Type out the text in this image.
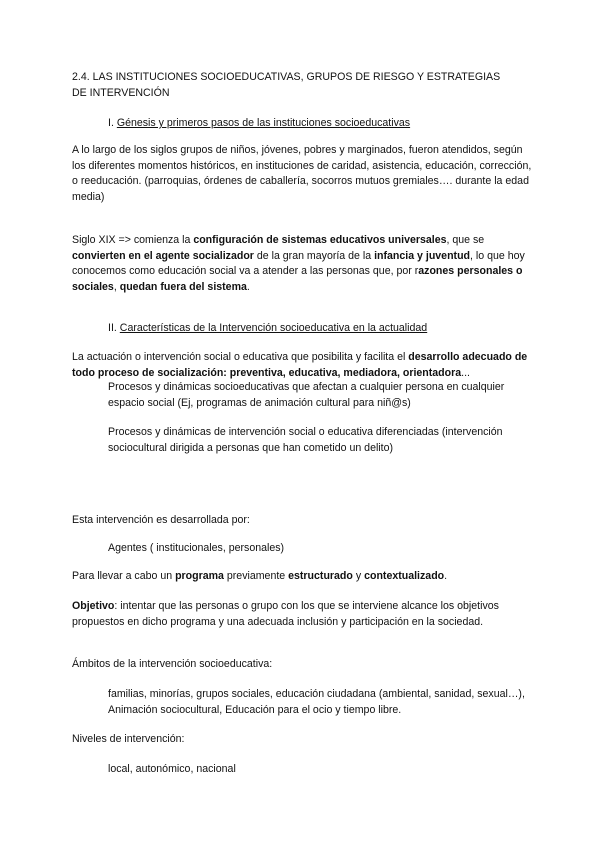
2.4. LAS INSTITUCIONES SOCIOEDUCATIVAS, GRUPOS DE RIESGO Y ESTRATEGIAS
DE INTERVENCIÓN

I. Génesis y primeros pasos de las instituciones socioeducativas

A lo largo de los siglos grupos de niños, jóvenes, pobres y marginados, fueron atendidos, según los diferentes momentos históricos, en instituciones de caridad, asistencia, educación, corrección, o reeducación. (parroquias, órdenes de caballería, socorros mutuos gremiales…. durante la edad media)

Siglo XIX => comienza la configuración de sistemas educativos universales, que se convierten en el agente socializador de la gran mayoría de la infancia y juventud, lo que hoy conocemos como educación social va a atender a las personas que, por razones personales o sociales, quedan fuera del sistema.

II. Características de la Intervención socioeducativa en la actualidad

La actuación o intervención social o educativa que posibilita y facilita el desarrollo adecuado de todo proceso de socialización: preventiva, educativa, mediadora, orientadora...

Procesos y dinámicas socioeducativas que afectan a cualquier persona en cualquier espacio social (Ej, programas de animación cultural para niñ@s)

Procesos y dinámicas de intervención social o educativa diferenciadas (intervención sociocultural dirigida a personas que han cometido un delito)

Esta intervención es desarrollada por:

Agentes ( institucionales, personales)

Para llevar a cabo un programa previamente estructurado y contextualizado.

Objetivo: intentar que las personas o grupo con los que se interviene alcance los objetivos propuestos en dicho programa y una adecuada inclusión y participación en la sociedad.

Ámbitos de la intervención socioeducativa:

familias, minorías, grupos sociales, educación ciudadana (ambiental, sanidad, sexual…), Animación sociocultural, Educación para el ocio y tiempo libre.

Niveles de intervención:

local, autonómico, nacional
